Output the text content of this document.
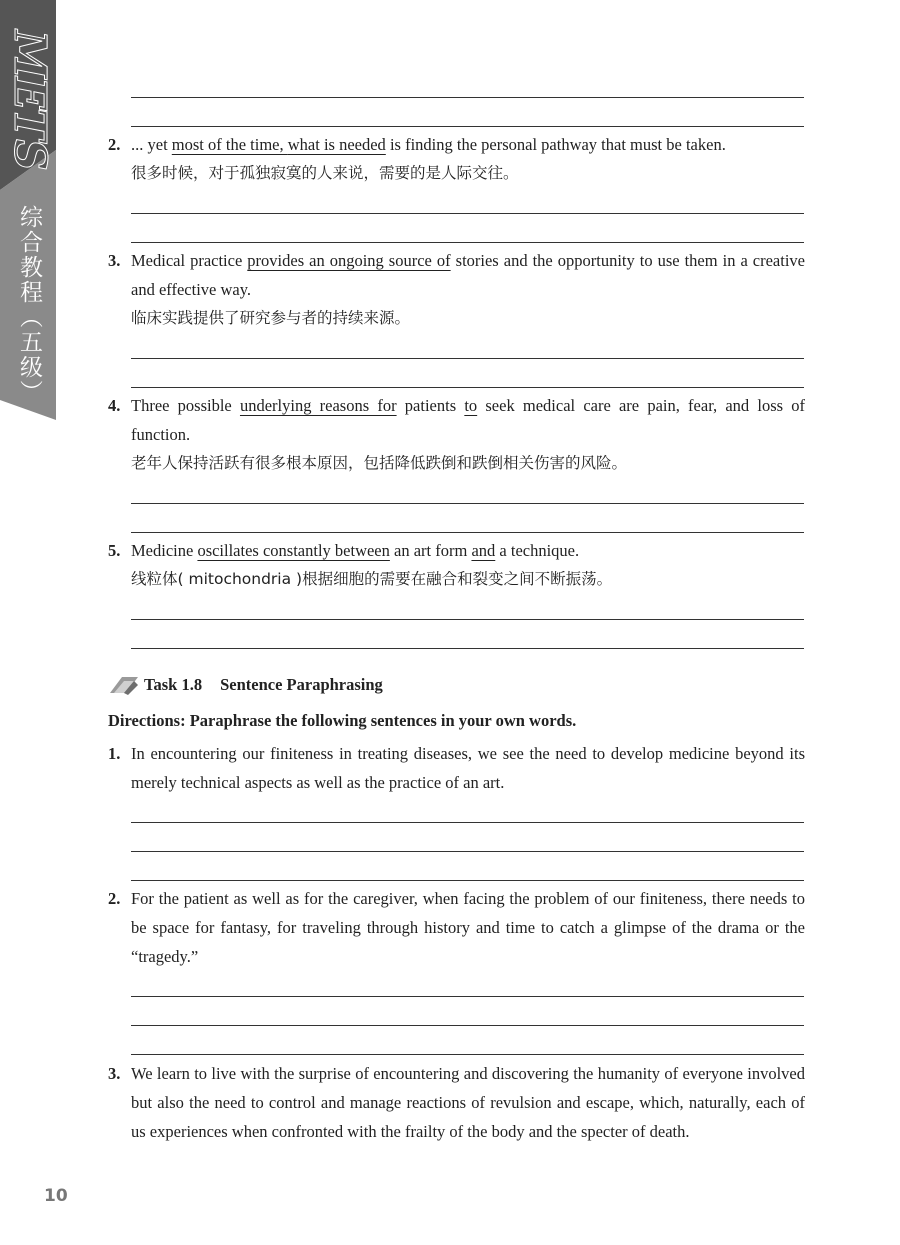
METS
综合教程（五级）
2. ... yet most of the time, what is needed is finding the personal pathway that must be taken.
很多时候，对于孤独寂寞的人来说，需要的是人际交往。
3. Medical practice provides an ongoing source of stories and the opportunity to use them in a creative and effective way.
临床实践提供了研究参与者的持续来源。
4. Three possible underlying reasons for patients to seek medical care are pain, fear, and loss of function.
老年人保持活跃有很多根本原因，包括降低跌倒和跌倒相关伤害的风险。
5. Medicine oscillates constantly between an art form and a technique.
线粒体( mitochondria )根据细胞的需要在融合和裂变之间不断振荡。
Task 1.8 Sentence Paraphrasing
Directions: Paraphrase the following sentences in your own words.
1. In encountering our finiteness in treating diseases, we see the need to develop medicine beyond its merely technical aspects as well as the practice of an art.
2. For the patient as well as for the caregiver, when facing the problem of our finiteness, there needs to be space for fantasy, for traveling through history and time to catch a glimpse of the drama or the “tragedy.”
3. We learn to live with the surprise of encountering and discovering the humanity of everyone involved but also the need to control and manage reactions of revulsion and escape, which, naturally, each of us experiences when confronted with the frailty of the body and the specter of death.
10
